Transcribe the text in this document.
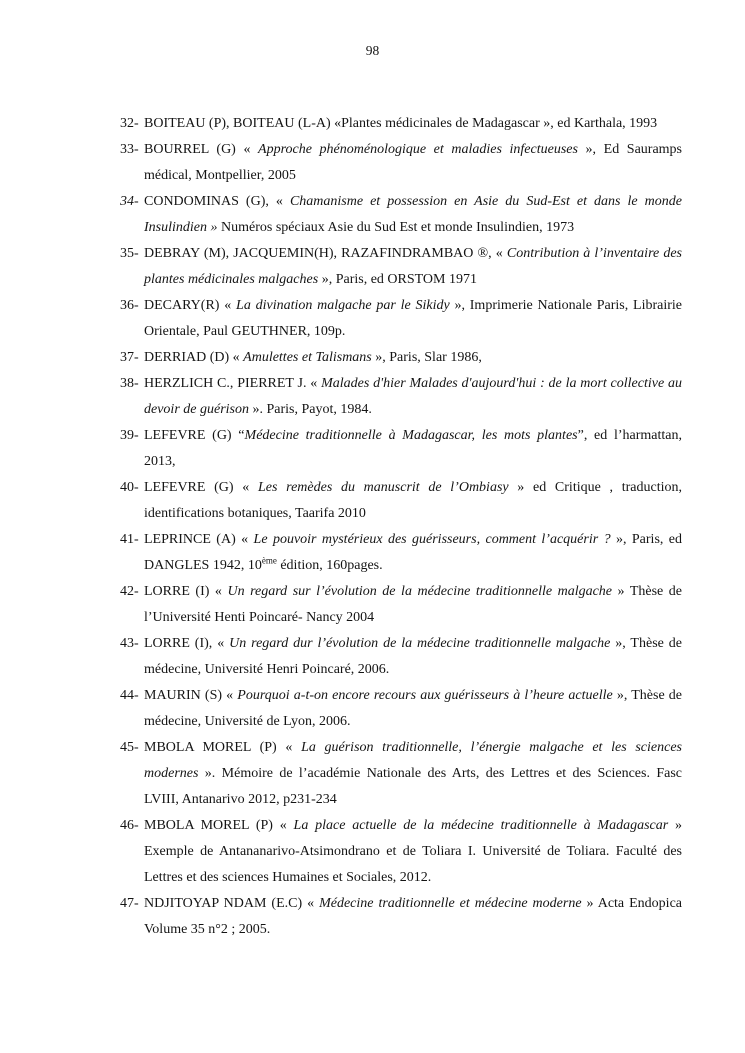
98
32- BOITEAU (P), BOITEAU (L-A) «Plantes médicinales de Madagascar », ed Karthala, 1993
33- BOURREL (G) « Approche phénoménologique et maladies infectueuses », Ed Sauramps médical, Montpellier, 2005
34- CONDOMINAS (G), « Chamanisme et possession en Asie du Sud-Est et dans le monde Insulindien » Numéros spéciaux Asie du Sud Est et monde Insulindien, 1973
35- DEBRAY (M), JACQUEMIN(H), RAZAFINDRAMBAO ®, « Contribution à l’inventaire des plantes médicinales malgaches », Paris, ed ORSTOM 1971
36- DECARY(R) « La divination malgache par le Sikidy », Imprimerie Nationale Paris, Librairie Orientale, Paul GEUTHNER, 109p.
37- DERRIAD (D) « Amulettes et Talismans », Paris, Slar 1986,
38- HERZLICH C., PIERRET J. « Malades d'hier Malades d'aujourd'hui : de la mort collective au devoir de guérison ». Paris, Payot, 1984.
39- LEFEVRE (G) “Médecine traditionnelle à Madagascar, les mots plantes”, ed l’harmattan, 2013,
40- LEFEVRE (G) « Les remèdes du manuscrit de l’Ombiasy » ed Critique , traduction, identifications botaniques, Taarifa 2010
41- LEPRINCE (A) « Le pouvoir mystérieux des guérisseurs, comment l’acquérir ? », Paris, ed DANGLES 1942, 10ème édition, 160pages.
42- LORRE (I) « Un regard sur l’évolution de la médecine traditionnelle malgache » Thèse de l’Université Henti Poincaré- Nancy 2004
43- LORRE (I), « Un regard dur l’évolution de la médecine traditionnelle malgache », Thèse de médecine, Université Henri Poincaré, 2006.
44- MAURIN (S) « Pourquoi a-t-on encore recours aux guérisseurs à l’heure actuelle », Thèse de médecine, Université de Lyon, 2006.
45- MBOLA MOREL (P) « La guérison traditionnelle, l’énergie malgache et les sciences modernes ». Mémoire de l’académie Nationale des Arts, des Lettres et des Sciences. Fasc LVIII, Antanarivo 2012, p231-234
46- MBOLA MOREL (P) « La place actuelle de la médecine traditionnelle à Madagascar » Exemple de Antananarivo-Atsimondrano et de Toliara I. Université de Toliara. Faculté des Lettres et des sciences Humaines et Sociales, 2012.
47- NDJITOYAP NDAM (E.C) « Médecine traditionnelle et médecine moderne » Acta Endopica Volume 35 n°2 ; 2005.
